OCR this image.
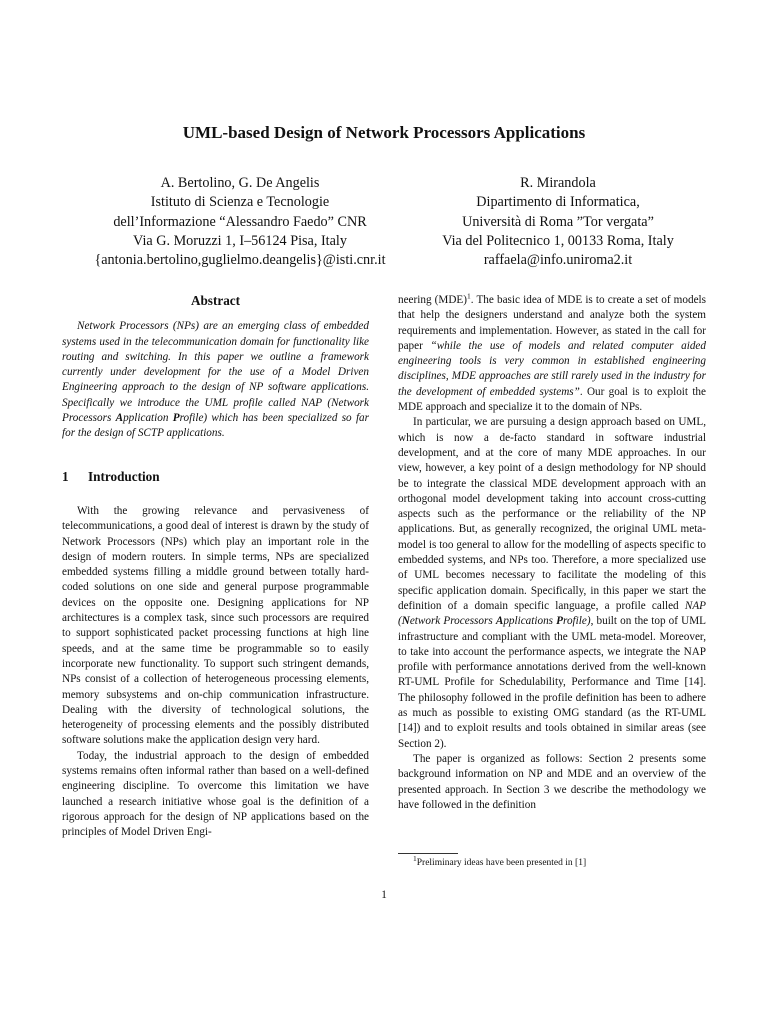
UML-based Design of Network Processors Applications
A. Bertolino, G. De Angelis
Istituto di Scienza e Tecnologie
dell’Informazione “Alessandro Faedo” CNR
Via G. Moruzzi 1, I–56124 Pisa, Italy
{antonia.bertolino,guglielmo.deangelis}@isti.cnr.it
R. Mirandola
Dipartimento di Informatica,
Università di Roma ”Tor vergata”
Via del Politecnico 1, 00133 Roma, Italy
raffaela@info.uniroma2.it
Abstract

Network Processors (NPs) are an emerging class of embedded systems used in the telecommunication domain for functionality like routing and switching. In this paper we outline a framework currently under development for the use of a Model Driven Engineering approach to the design of NP software applications. Specifically we introduce the UML profile called NAP (Network Processors Application Profile) which has been specialized so far for the design of SCTP applications.

1 Introduction

With the growing relevance and pervasiveness of telecommunications, a good deal of interest is drawn by the study of Network Processors (NPs) which play an important role in the design of modern routers. In simple terms, NPs are specialized embedded systems filling a middle ground between totally hard-coded solutions on one side and general purpose programmable devices on the opposite one. Designing applications for NP architectures is a complex task, since such processors are required to support sophisticated packet processing functions at high line speeds, and at the same time be programmable so to easily incorporate new functionality. To support such stringent demands, NPs consist of a collection of heterogeneous processing elements, memory subsystems and on-chip communication infrastructure. Dealing with the diversity of technological solutions, the heterogeneity of processing elements and the possibly distributed software solutions make the application design very hard.

Today, the industrial approach to the design of embedded systems remains often informal rather than based on a well-defined engineering discipline. To overcome this limitation we have launched a research initiative whose goal is the definition of a rigorous approach for the design of NP applications based on the principles of Model Driven Engi-

neering (MDE)$^1$. The basic idea of MDE is to create a set of models that help the designers understand and analyze both the system requirements and implementation. However, as stated in the call for paper “while the use of models and related computer aided engineering tools is very common in established engineering disciplines, MDE approaches are still rarely used in the industry for the development of embedded systems”. Our goal is to exploit the MDE approach and specialize it to the domain of NPs.

In particular, we are pursuing a design approach based on UML, which is now a de-facto standard in software industrial development, and at the core of many MDE approaches. In our view, however, a key point of a design methodology for NP should be to integrate the classical MDE development approach with an orthogonal model development taking into account cross-cutting aspects such as the performance or the reliability of the NP applications. But, as generally recognized, the original UML meta-model is too general to allow for the modelling of aspects specific to embedded systems, and NPs too. Therefore, a more specialized use of UML becomes necessary to facilitate the modeling of this specific application domain. Specifically, in this paper we start the definition of a domain specific language, a profile called NAP (Network Processors Applications Profile), built on the top of UML infrastructure and compliant with the UML meta-model. Moreover, to take into account the performance aspects, we integrate the NAP profile with performance annotations derived from the well-known RT-UML Profile for Schedulability, Performance and Time [14]. The philosophy followed in the profile definition has been to adhere as much as possible to existing OMG standard (as the RT-UML [14]) and to exploit results and tools obtained in similar areas (see Section 2).

The paper is organized as follows: Section 2 presents some background information on NP and MDE and an overview of the presented approach. In Section 3 we describe the methodology we have followed in the definition

$^1$Preliminary ideas have been presented in [1]
1
